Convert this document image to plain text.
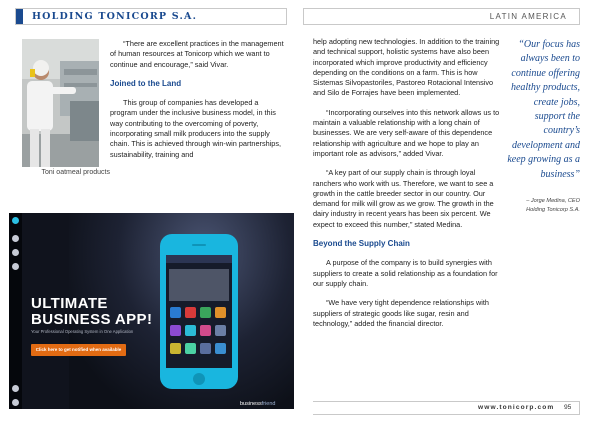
HOLDING TONICORP S.A.	LATIN AMERICA
Toni oatmeal products

“There are excellent practices in the management of human resources at Tonicorp which we want to continue and encourage,” said Vivar.

Joined to the Land

This group of companies has developed a program under the inclusive business model, in this way contributing to the overcoming of poverty, incorporating small milk producers into the supply chain. This is achieved through win-win partnerships, sustainability, training and

help adopting new technologies. In addition to the training and technical support, holistic systems have also been incorporated which improve productivity and efficiency depending on the conditions on a farm. This is how Sistemas Silvopastoriles, Pastoreo Rotacional Intensivo and Silo de Forrajes have been implemented.

“Incorporating ourselves into this network allows us to maintain a valuable relationship with a long chain of businesses. We are very self-aware of this dependence relationship with agriculture and we hope to play an important role as advisors,” added Vivar.

“A key part of our supply chain is through loyal ranchers who work with us. Therefore, we want to see a growth in the cattle breeder sector in our country. Our demand for milk will grow as we grow. The growth in the dairy industry in recent years has been six percent. We expect to exceed this number,” stated Medina.

Beyond the Supply Chain

A purpose of the company is to build synergies with suppliers to create a solid relationship as a foundation for our supply chain.

“We have very tight dependence relationships with suppliers of strategic goods like sugar, resin and technology,” added the financial director.

“Our focus has always been to continue offering healthy products, create jobs, support the country’s development and keep growing as a business”
– Jorge Medina, CEO
Holding Tonicorp S.A.
ULTIMATE
BUSINESS APP!
Your Professional Operating System in One Application
Click here to get notified when available
businessfriend	www.tonicorp.com 95
